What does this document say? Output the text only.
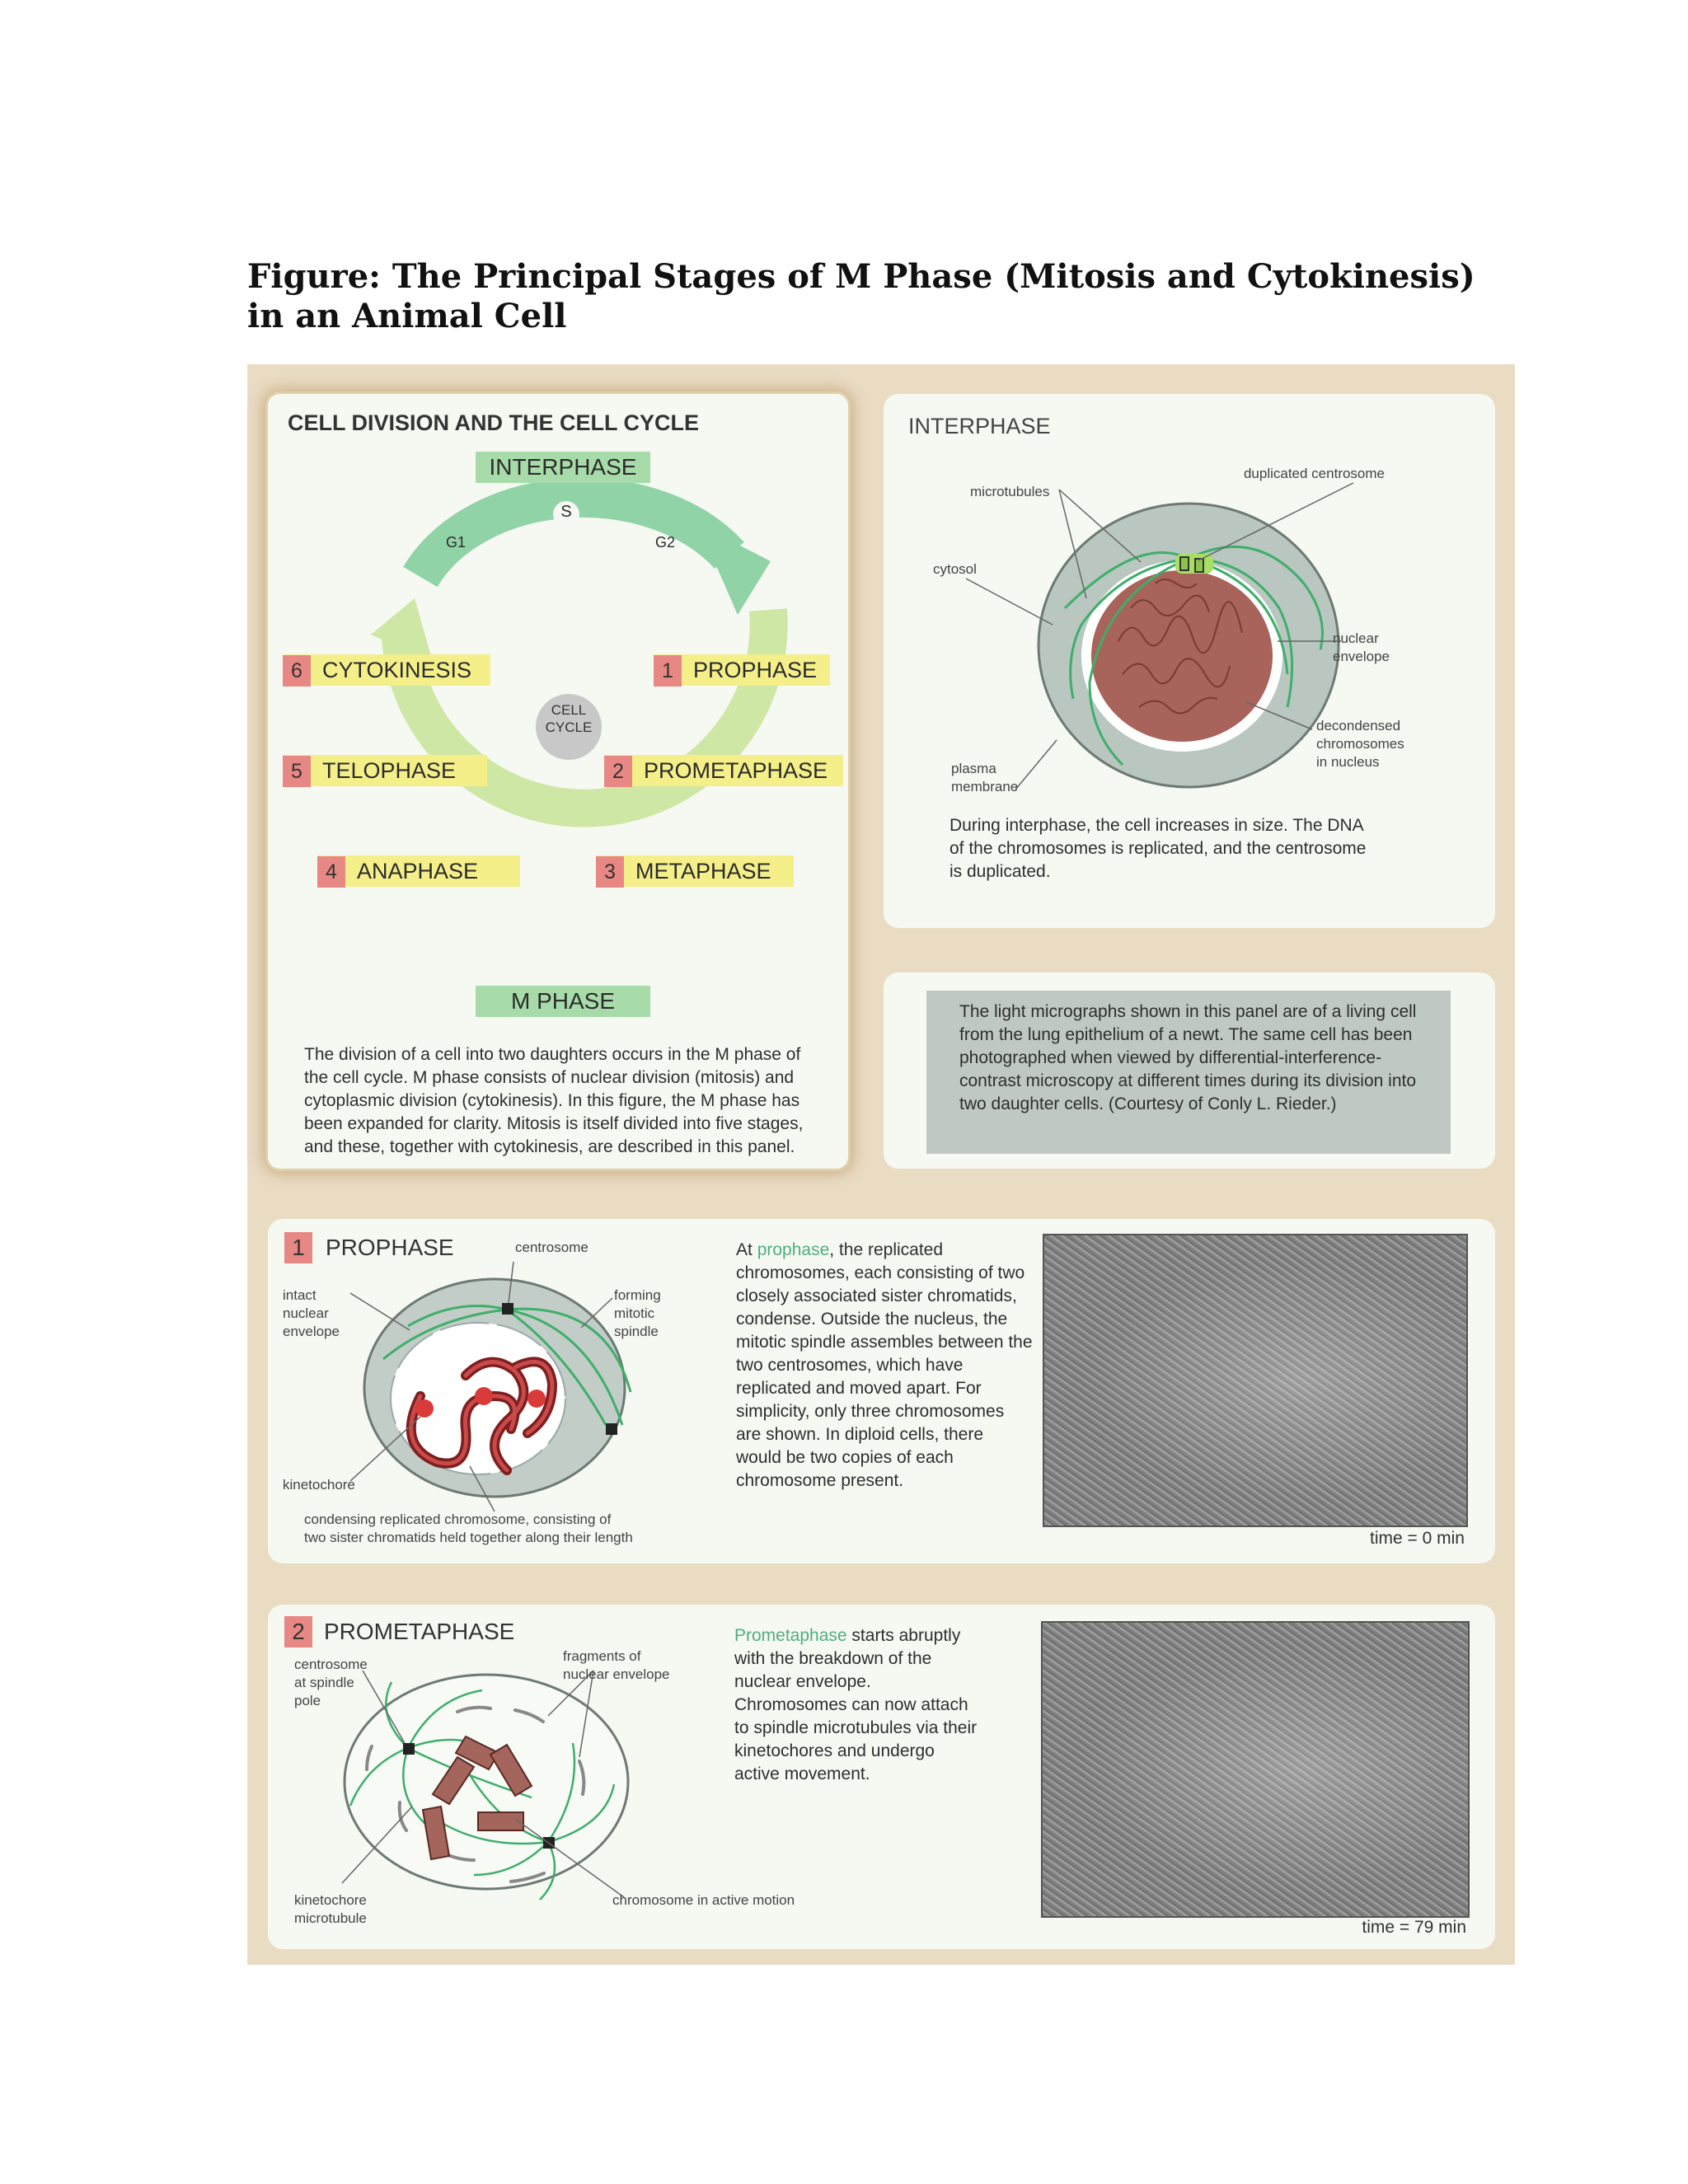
Figure: The Principal Stages of M Phase (Mitosis and Cytokinesis) in an Animal Cell
CELL DIVISION AND THE CELL CYCLE
S
G1	G2
CELL
CYCLE
INTERPHASE
M PHASE
1 PROPHASE
2 PROMETAPHASE
3 METAPHASE
4 ANAPHASE
5 TELOPHASE
6 CYTOKINESIS
The division of a cell into two daughters occurs in the M phase of the cell cycle. M phase consists of nuclear division (mitosis) and cytoplasmic division (cytokinesis). In this figure, the M phase has been expanded for clarity. Mitosis is itself divided into five stages, and these, together with cytokinesis, are described in this panel.
INTERPHASE
duplicated centrosome
microtubules
cytosol
nuclear
envelope
decondensed
chromosomes
in nucleus
plasma
membrane
During interphase, the cell increases in size. The DNA of the chromosomes is replicated, and the centrosome is duplicated.
The light micrographs shown in this panel are of a living cell from the lung epithelium of a newt. The same cell has been photographed when viewed by differential-interference-contrast microscopy at different times during its division into two daughter cells. (Courtesy of Conly L. Rieder.)
1 PROPHASE	centrosome
intact
nuclear
envelope
forming
mitotic
spindle
kinetochore
condensing replicated chromosome, consisting of
two sister chromatids held together along their length
At prophase, the replicated chromosomes, each consisting of two closely associated sister chromatids, condense. Outside the nucleus, the mitotic spindle assembles between the two centrosomes, which have replicated and moved apart. For simplicity, only three chromosomes are shown. In diploid cells, there would be two copies of each chromosome present.
time = 0 min
2 PROMETAPHASE
centrosome
at spindle
pole
fragments of
nuclear envelope
kinetochore
microtubule
chromosome in active motion
Prometaphase starts abruptly with the breakdown of the nuclear envelope. Chromosomes can now attach to spindle microtubules via their kinetochores and undergo active movement.
time = 79 min
